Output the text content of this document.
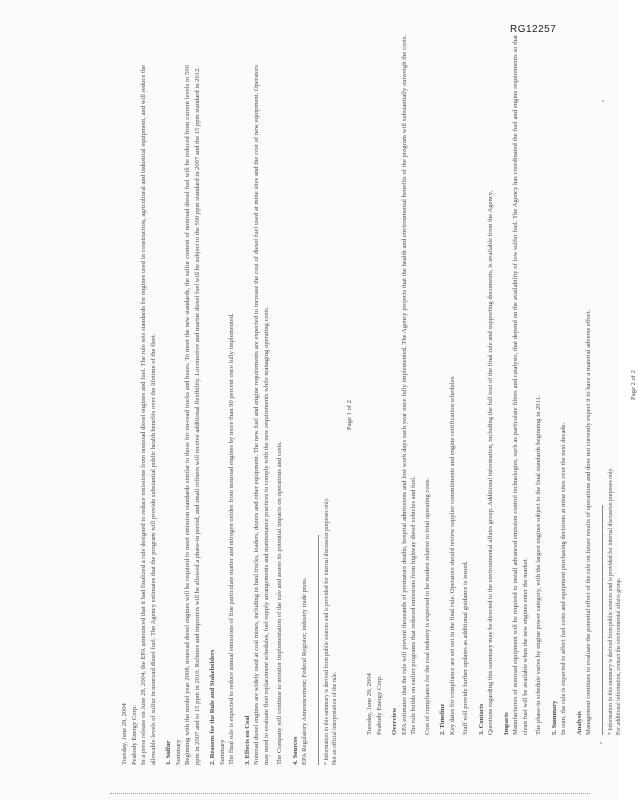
RG12257
Tuesday, June 29, 2004 Peabody Energy Corp. In a press release on June 28, 2004, the EPA announced that it had finalized a rule designed to reduce emissions from nonroad diesel engines and fuel. The rule sets standards for engines used in construction, agricultural and industrial equipment, and will reduce the allowable levels of sulfur in nonroad diesel fuel. The Agency estimates that the program will provide substantial public health benefits over the lifetime of the fleet. 1. Sulfur Summary Beginning with the model year 2008, nonroad diesel engines will be required to meet emission standards similar to those for on-road trucks and buses. To meet the new standards, the sulfur content of nonroad diesel fuel will be reduced from current levels to 500 ppm in 2007 and to 15 ppm in 2010. Refiners and importers will be allowed a phase-in period, and small refiners will receive additional flexibility. Locomotive and marine diesel fuel will be subject to the 500 ppm standard in 2007 and the 15 ppm standard in 2012. 2. Reasons for the Rule and Stakeholders Summary The final rule is expected to reduce annual emissions of fine particulate matter and nitrogen oxides from nonroad engines by more than 90 percent once fully implemented. 3. Effects on Coal Nonroad diesel engines are widely used at coal mines, including in haul trucks, loaders, dozers and other equipment. The new fuel and engine requirements are expected to increase the cost of diesel fuel used at mine sites and the cost of new equipment. Operators may need to evaluate fleet replacement schedules, fuel supply arrangements and maintenance practices to comply with the new requirements while managing operating costs. The Company will continue to monitor implementation of the rule and assess its potential impacts on operations and costs. 4. Sources EPA Regulatory Announcement; Federal Register; industry trade press.	* Information in this summary is derived from public sources and is provided for internal discussion purposes only. Not an official interpretation of the rule.
Page 1 of 2
Tuesday, June 29, 2004 Peabody Energy Corp. Overview EPA estimates that the rule will prevent thousands of premature deaths, hospital admissions and lost work days each year once fully implemented. The Agency projects that the health and environmental benefits of the program will substantially outweigh the costs. The rule builds on earlier programs that reduced emissions from highway diesel vehicles and fuel. Cost of compliance for the coal industry is expected to be modest relative to total operating costs. 2. Timeline Key dates for compliance are set out in the final rule. Operators should review supplier commitments and engine certification schedules. Staff will provide further updates as additional guidance is issued. 3. Contacts Questions regarding this summary may be directed to the environmental affairs group. Additional information, including the full text of the final rule and supporting documents, is available from the Agency. Impacts Manufacturers of nonroad equipment will be required to install advanced emission control technologies, such as particulate filters and catalysts, that depend on the availability of low sulfur fuel. The Agency has coordinated the fuel and engine requirements so that clean fuel will be available when the new engines enter the market. The phase-in schedule varies by engine power category, with the largest engines subject to the final standards beginning in 2011. 5. Summary In sum, the rule is expected to affect fuel costs and equipment purchasing decisions at mine sites over the next decade. Analysis Management continues to evaluate the potential effect of the rule on future results of operations and does not currently expect it to have a material adverse effect.	* Information in this summary is derived from public sources and is provided for internal discussion purposes only. For additional information, contact the environmental affairs group.
Page 2 of 2
